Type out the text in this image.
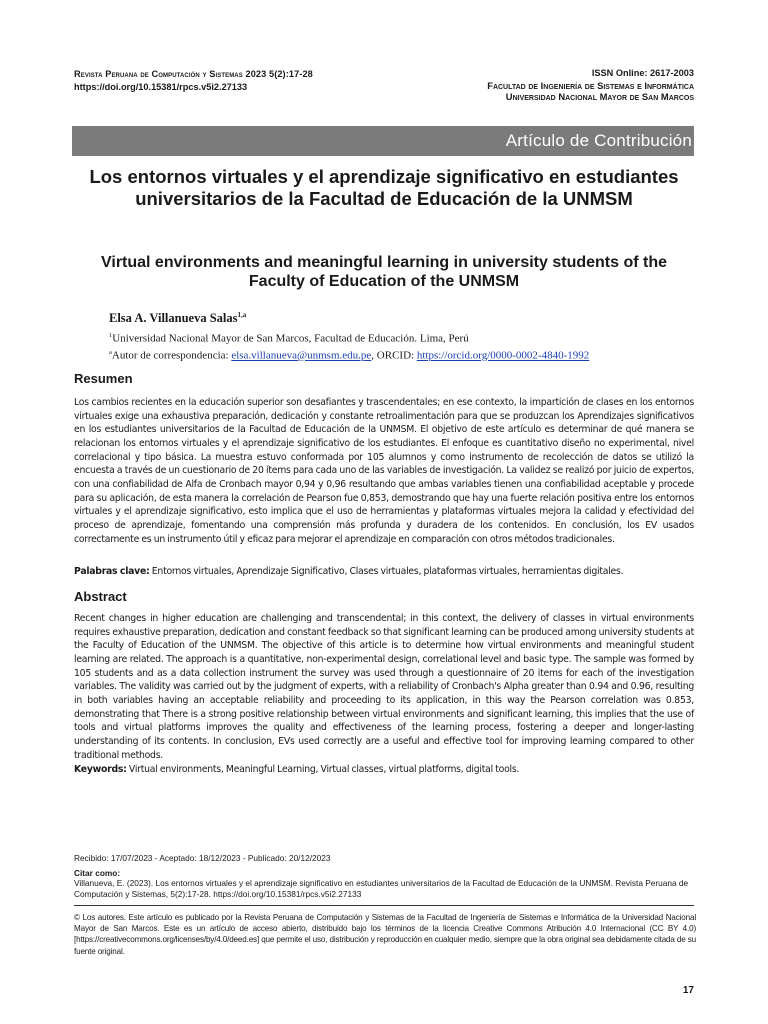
Revista Peruana de Computación y Sistemas 2023 5(2):17-28
https://doi.org/10.15381/rpcs.v5i2.27133
ISSN Online: 2617-2003
Facultad de Ingeniería de Sistemas e Informática
Universidad Nacional Mayor de San Marcos
Artículo de Contribución
Los entornos virtuales y el aprendizaje significativo en estudiantes universitarios de la Facultad de Educación de la UNMSM
Virtual environments and meaningful learning in university students of the Faculty of Education of the UNMSM
Elsa A. Villanueva Salas$^{1,a}$
$^1$Universidad Nacional Mayor de San Marcos, Facultad de Educación. Lima, Perú
$^a$Autor de correspondencia: elsa.villanueva@unmsm.edu.pe, ORCID: https://orcid.org/0000-0002-4840-1992
Resumen
Los cambios recientes en la educación superior son desafiantes y trascendentales; en ese contexto, la impartición de clases en los entornos virtuales exige una exhaustiva preparación, dedicación y constante retroalimentación para que se produzcan los Aprendizajes significativos en los estudiantes universitarios de la Facultad de Educación de la UNMSM. El objetivo de este artículo es determinar de qué manera se relacionan los entornos virtuales y el aprendizaje significativo de los estudiantes. El enfoque es cuantitativo diseño no experimental, nivel correlacional y tipo básica. La muestra estuvo conformada por 105 alumnos y como instrumento de recolección de datos se utilizó la encuesta a través de un cuestionario de 20 ítems para cada uno de las variables de investigación. La validez se realizó por juicio de expertos, con una confiabilidad de Alfa de Cronbach mayor 0,94 y 0,96 resultando que ambas variables tienen una confiabilidad aceptable y procede para su aplicación, de esta manera la correlación de Pearson fue 0,853, demostrando que hay una fuerte relación positiva entre los entornos virtuales y el aprendizaje significativo, esto implica que el uso de herramientas y plataformas virtuales mejora la calidad y efectividad del proceso de aprendizaje, fomentando una comprensión más profunda y duradera de los contenidos. En conclusión, los EV usados correctamente es un instrumento útil y eficaz para mejorar el aprendizaje en comparación con otros métodos tradicionales.
Palabras clave: Entornos virtuales, Aprendizaje Significativo, Clases virtuales, plataformas virtuales, herramientas digitales.
Abstract
Recent changes in higher education are challenging and transcendental; in this context, the delivery of classes in virtual environments requires exhaustive preparation, dedication and constant feedback so that significant learning can be produced among university students at the Faculty of Education of the UNMSM. The objective of this article is to determine how virtual environments and meaningful student learning are related. The approach is a quantitative, non-experimental design, correlational level and basic type. The sample was formed by 105 students and as a data collection instrument the survey was used through a questionnaire of 20 items for each of the investigation variables. The validity was carried out by the judgment of experts, with a reliability of Cronbach's Alpha greater than 0.94 and 0.96, resulting in both variables having an acceptable reliability and proceeding to its application, in this way the Pearson correlation was 0.853, demonstrating that There is a strong positive relationship between virtual environments and significant learning, this implies that the use of tools and virtual platforms improves the quality and effectiveness of the learning process, fostering a deeper and longer-lasting understanding of its contents. In conclusion, EVs used correctly are a useful and effective tool for improving learning compared to other traditional methods.
Keywords: Virtual environments, Meaningful Learning, Virtual classes, virtual platforms, digital tools.
Recibido: 17/07/2023 - Aceptado: 18/12/2023 - Publicado: 20/12/2023
Citar como:
Villanueva, E. (2023). Los entornos virtuales y el aprendizaje significativo en estudiantes universitarios de la Facultad de Educación de la UNMSM. Revista Peruana de Computación y Sistemas, 5(2):17-28. https://doi.org/10.15381/rpcs.v5i2.27133
© Los autores. Este artículo es publicado por la Revista Peruana de Computación y Sistemas de la Facultad de Ingeniería de Sistemas e Informática de la Universidad Nacional Mayor de San Marcos. Este es un artículo de acceso abierto, distribuido bajo los términos de la licencia Creative Commons Atribución 4.0 Internacional (CC BY 4.0) [https://creativecommons.org/licenses/by/4.0/deed.es] que permite el uso, distribución y reproducción en cualquier medio, siempre que la obra original sea debidamente citada de su fuente original.
17
